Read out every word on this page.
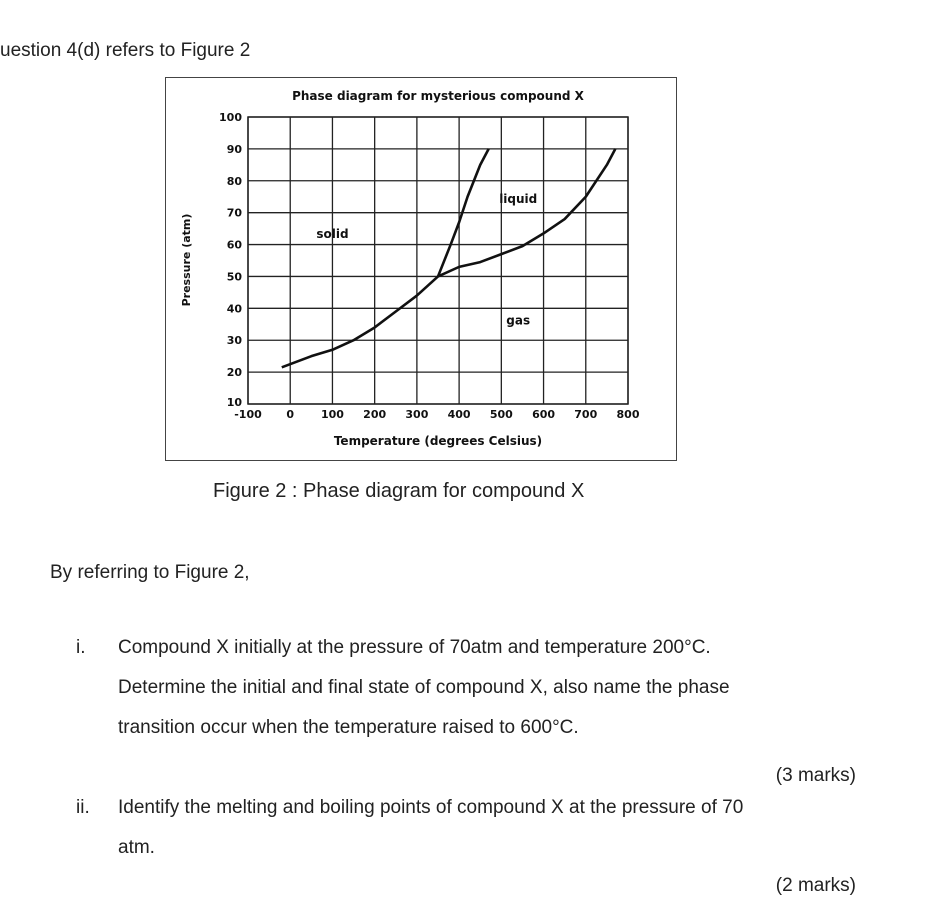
uestion 4(d) refers to Figure 2
-100 0 100 200 300 400 500 600 700 800
10
20
30
40
50
60
70
80
90
100
Phase diagram for mysterious compound X
Temperature (degrees Celsius)
Pressure (atm)	solid
liquid
gas
Figure 2 : Phase diagram for compound X
By referring to Figure 2,
i. Compound X initially at the pressure of 70atm and temperature 200°C.
Determine the initial and final state of compound X, also name the phase
transition occur when the temperature raised to 600°C.
(3 marks)
ii. Identify the melting and boiling points of compound X at the pressure of 70
atm.
(2 marks)
